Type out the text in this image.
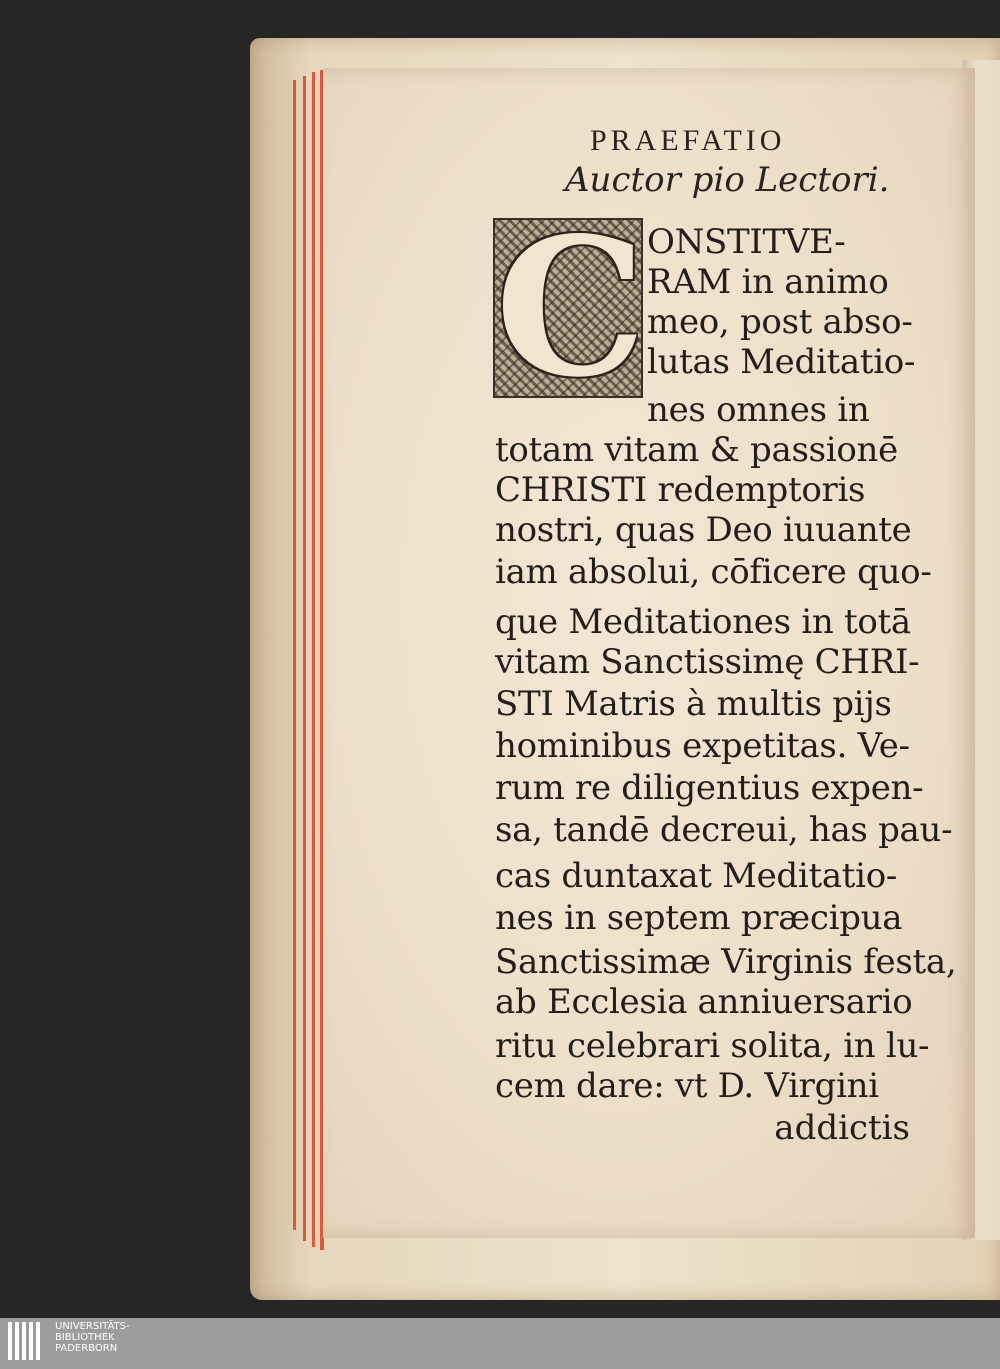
PRAEFATIO

Auctor pio Lectori.

C ONSTITVE-

RAM in animo

meo, post abso-

lutas Meditatio-

nes omnes in

totam vitam & passionē

CHRISTI redemptoris

nostri, quas Deo iuuante

iam absolui, cōficere quo-

que Meditationes in totā

vitam Sanctissimę CHRI-

STI Matris à multis pijs

hominibus expetitas. Ve-

rum re diligentius expen-

sa, tandē decreui, has pau-

cas duntaxat Meditatio-

nes in septem præcipua

Sanctissimæ Virginis festa,

ab Ecclesia anniuersario

ritu celebrari solita, in lu-

cem dare: vt D. Virgini

addictis

UNIVERSITÄTS-
BIBLIOTHEK
PADERBORN
